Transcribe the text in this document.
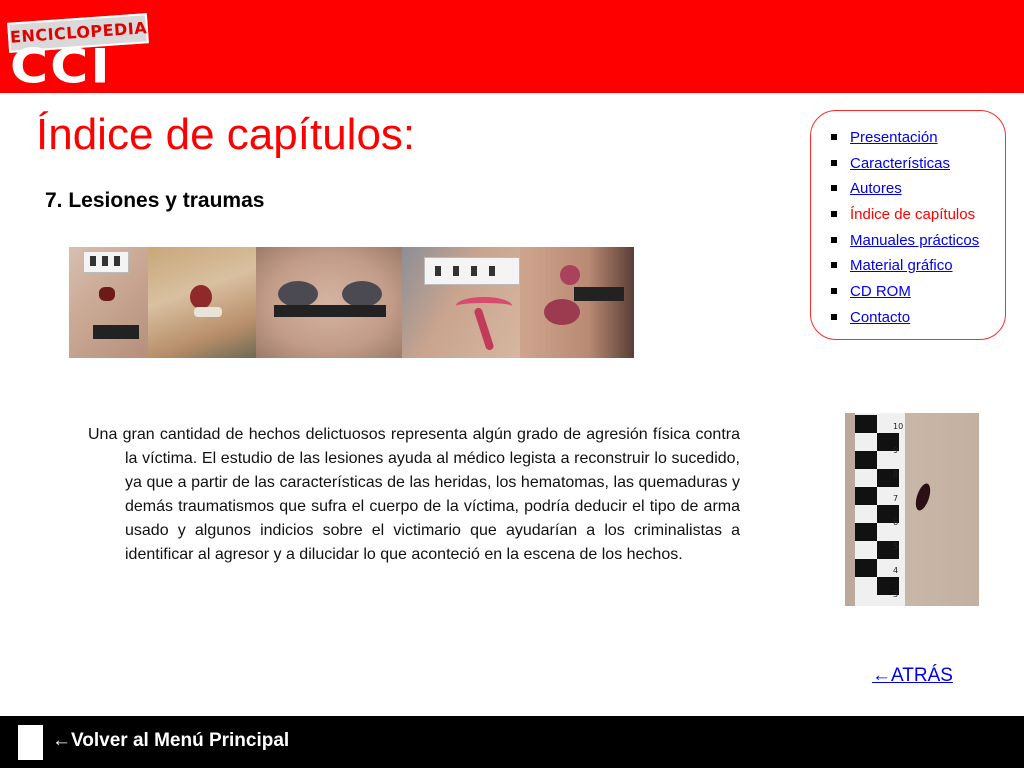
ENCICLOPEDIA
CCI
Índice de capítulos:
7. Lesiones y traumas

Una gran cantidad de hechos delictuosos representa algún grado de agresión física contra la víctima. El estudio de las lesiones ayuda al médico legista a reconstruir lo sucedido, ya que a partir de las características de las heridas, los hematomas, las quemaduras y demás traumatismos que sufra el cuerpo de la víctima, podría deducir el tipo de arma usado y algunos indicios sobre el victimario que ayudarían a los criminalistas a identificar al agresor y a dilucidar lo que aconteció en la escena de los hechos.

Presentación
Características
Autores
Índice de capítulos
Manuales prácticos
Material gráfico
CD ROM
Contacto
10
9
8
7
6
5
4
3
←ATRÁS
←Volver al Menú Principal
